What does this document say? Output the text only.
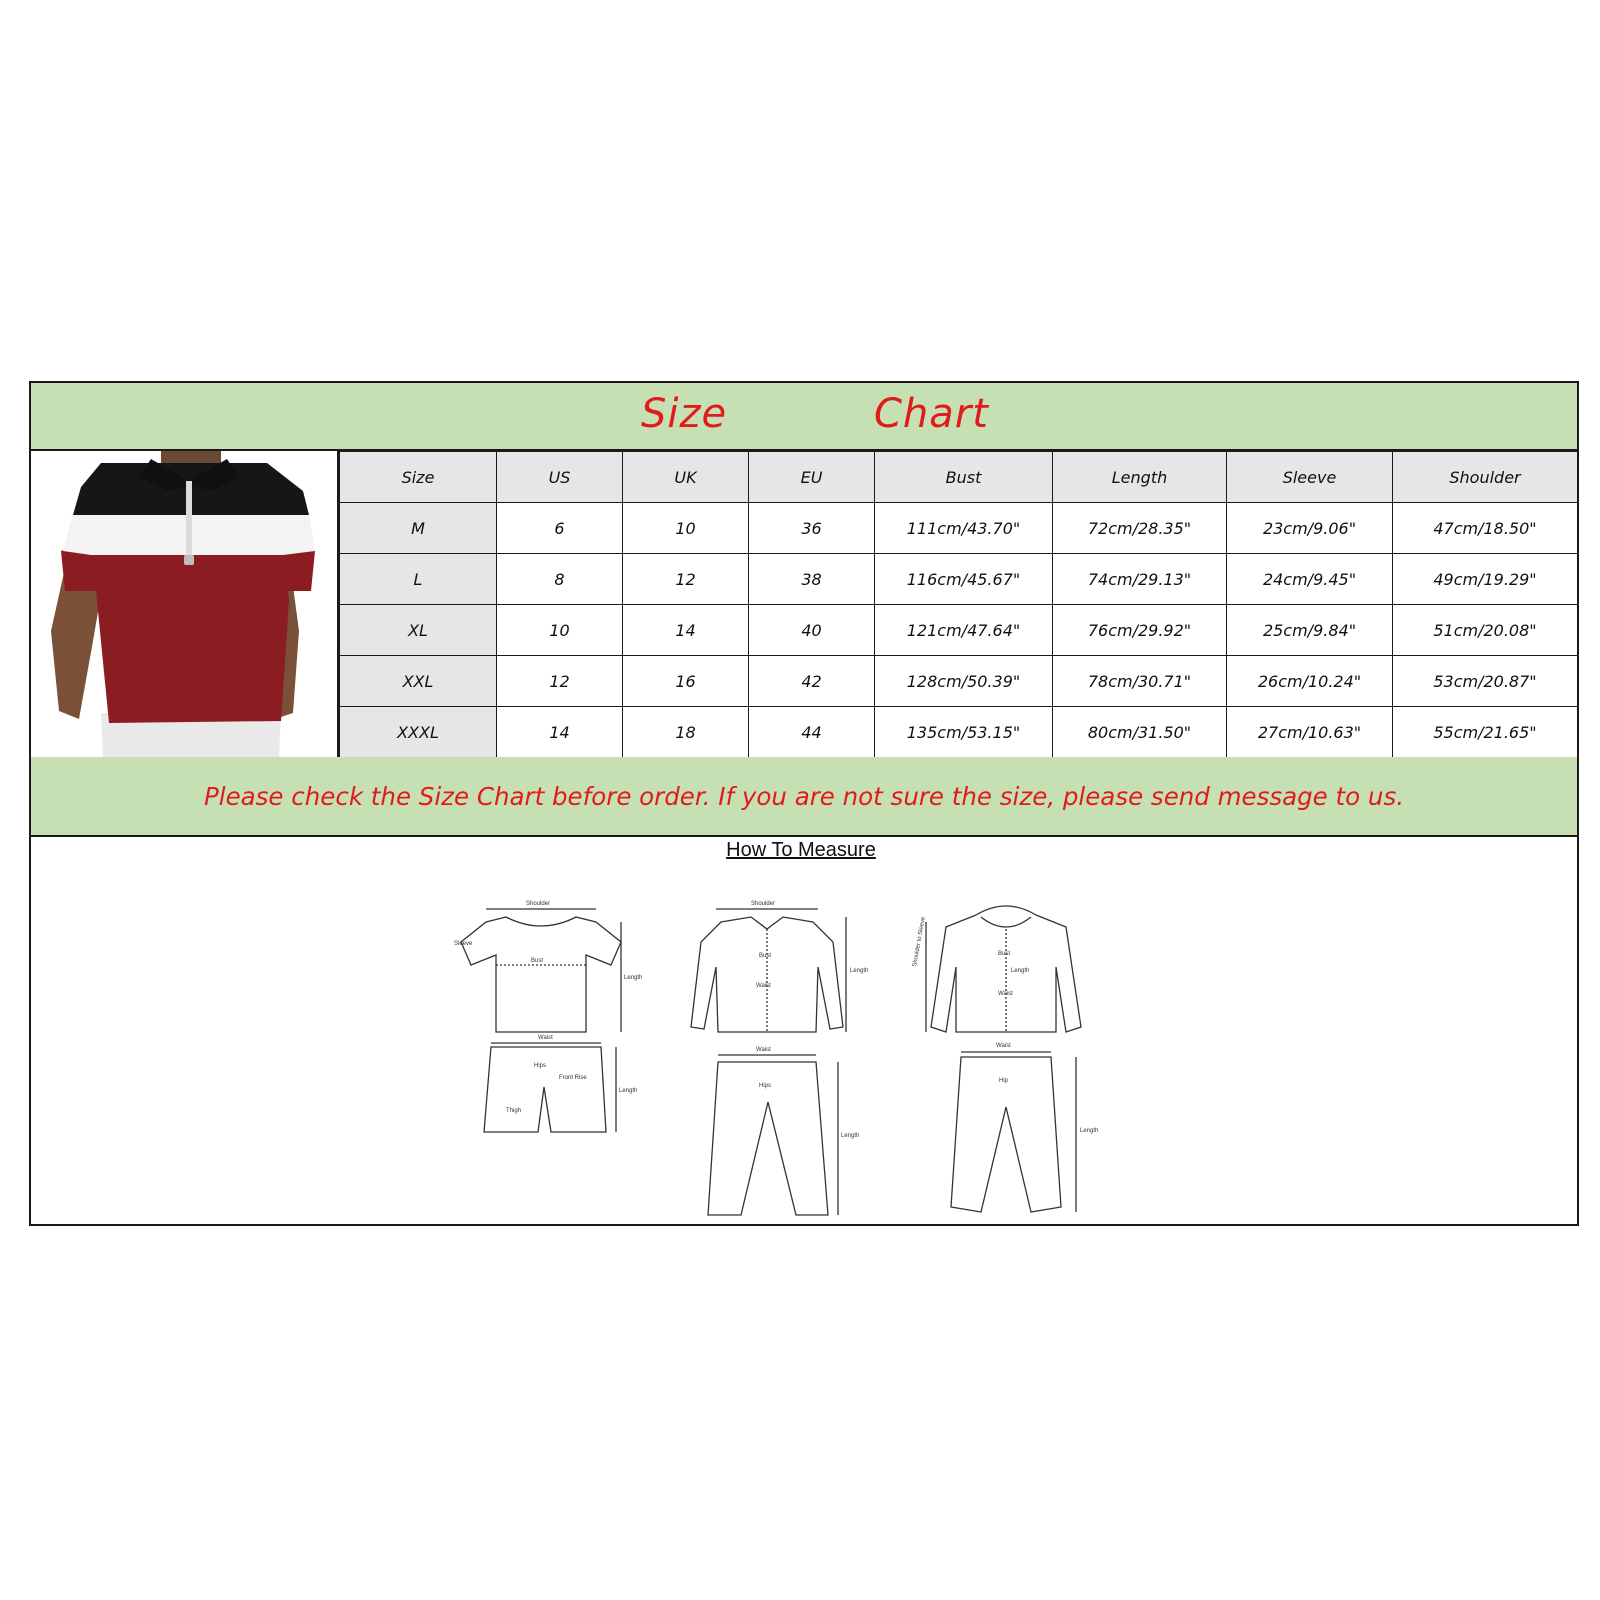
Size	Chart
Size	US	UK	EU	Bust	Length	Sleeve	Shoulder
M	6	10	36	111cm/43.70"	72cm/28.35"	23cm/9.06"	47cm/18.50"
L	8	12	38	116cm/45.67"	74cm/29.13"	24cm/9.45"	49cm/19.29"
XL	10	14	40	121cm/47.64"	76cm/29.92"	25cm/9.84"	51cm/20.08"
XXL	12	16	42	128cm/50.39"	78cm/30.71"	26cm/10.24"	53cm/20.87"
XXXL	14	18	44	135cm/53.15"	80cm/31.50"	27cm/10.63"	55cm/21.65"
Please check the Size Chart before order. If you are not sure the size, please send message to us.
How To Measure
Shoulder
Bust
Length
Sleeve
Waist
Hips
Front Rise
Thigh
Length
Shoulder
Bust
Waist
Length
Waist
Hips
Length
Bust
Waist
Length
Shoulder to Sleeve
Waist
Hip
Length
